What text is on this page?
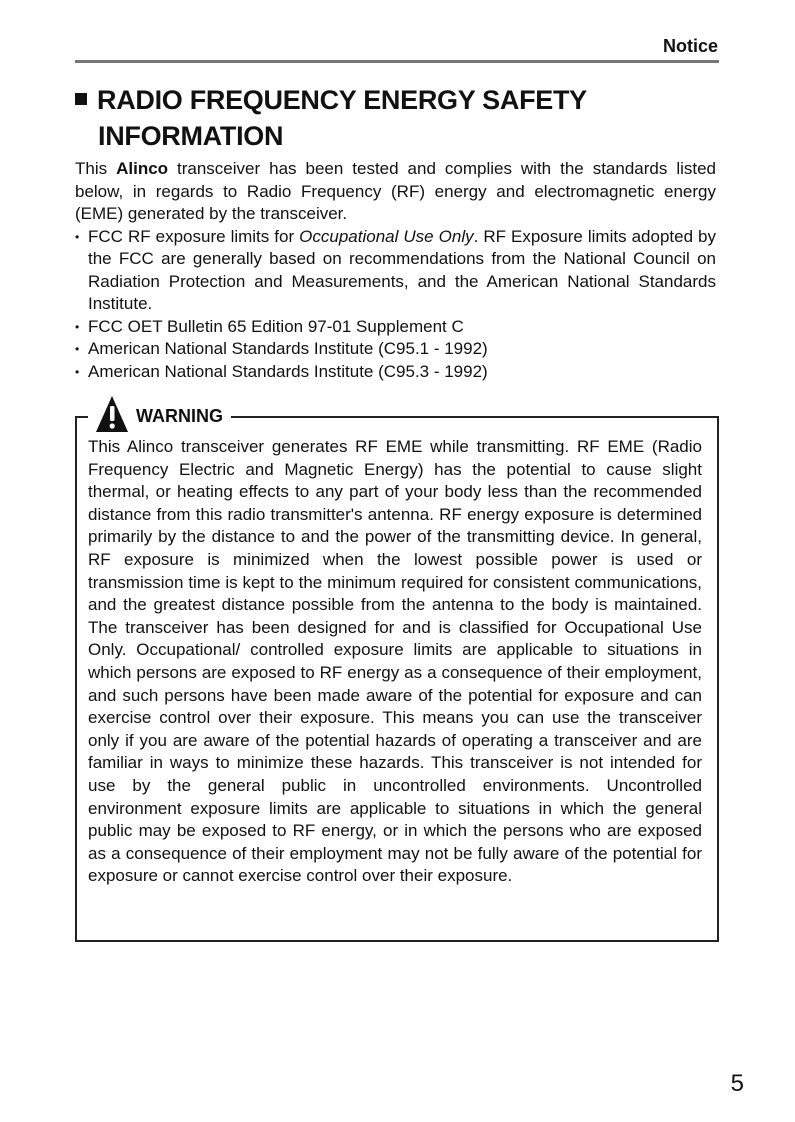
Notice
RADIO FREQUENCY ENERGY SAFETY
INFORMATION

This Alinco transceiver has been tested and complies with the standards listed below, in regards to Radio Frequency (RF) energy and electromagnetic energy (EME) generated by the transceiver.

• FCC RF exposure limits for Occupational Use Only. RF Exposure limits adopted by the FCC are generally based on recommendations from the National Council on Radiation Protection and Measurements, and the American National Standards Institute.
• FCC OET Bulletin 65 Edition 97-01 Supplement C
• American National Standards Institute (C95.1 - 1992)
• American National Standards Institute (C95.3 - 1992)
WARNING

This Alinco transceiver generates RF EME while transmitting. RF EME (Radio Frequency Electric and Magnetic Energy) has the potential to cause slight thermal, or heating effects to any part of your body less than the recommended distance from this radio transmitter's antenna. RF energy exposure is determined primarily by the distance to and the power of the transmitting device. In general, RF exposure is minimized when the lowest possible power is used or transmission time is kept to the minimum required for consistent communications, and the greatest distance possible from the antenna to the body is maintained. The transceiver has been designed for and is classified for Occupational Use Only. Occupational/ controlled exposure limits are applicable to situations in which persons are exposed to RF energy as a consequence of their employment, and such persons have been made aware of the potential for exposure and can exercise control over their exposure. This means you can use the transceiver only if you are aware of the potential hazards of operating a transceiver and are familiar in ways to minimize these hazards. This transceiver is not intended for use by the general public in uncontrolled environments. Uncontrolled environment exposure limits are applicable to situations in which the general public may be exposed to RF energy, or in which the persons who are exposed as a consequence of their employment may not be fully aware of the potential for exposure or cannot exercise control over their exposure.

5
